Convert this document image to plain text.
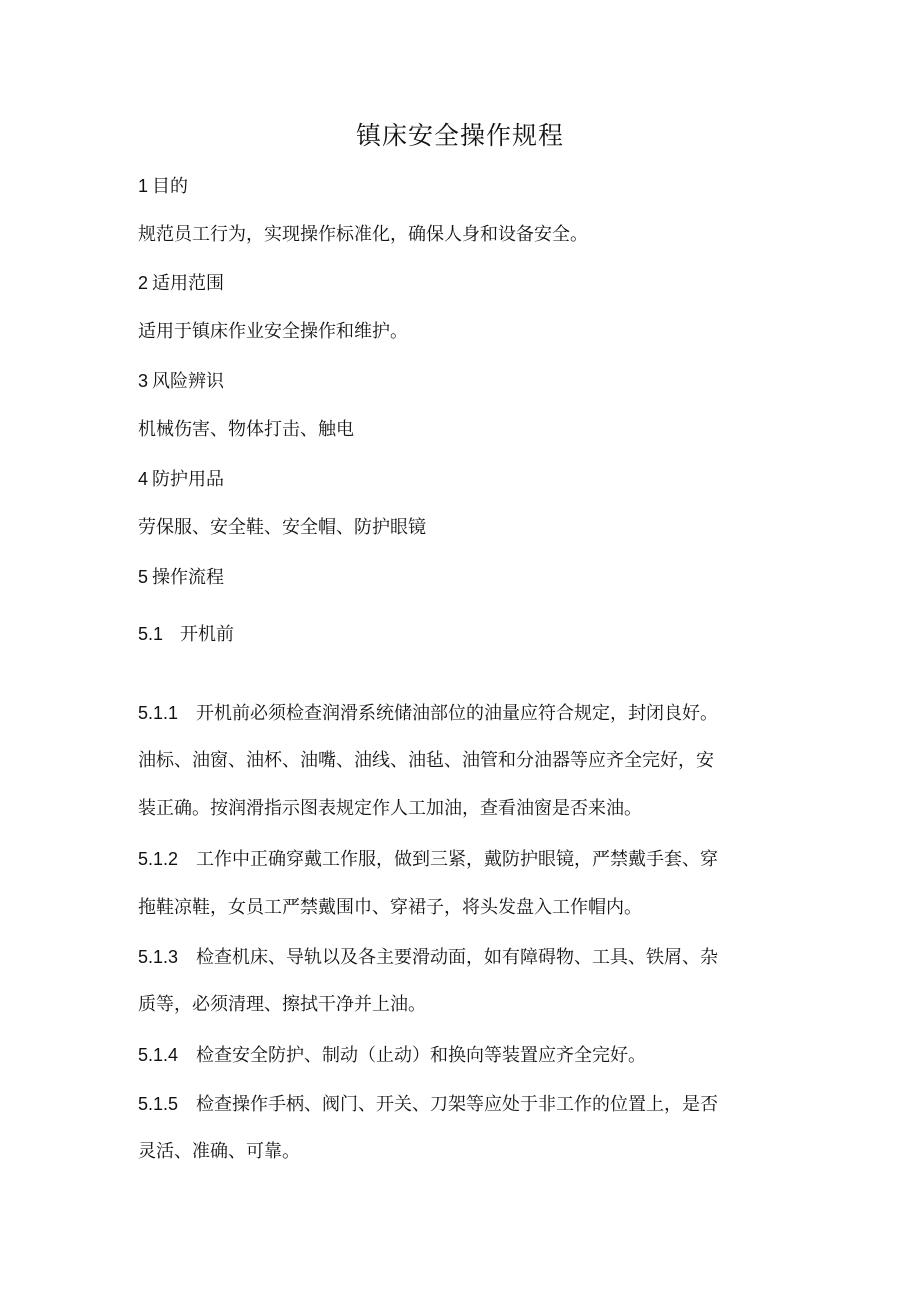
镇床安全操作规程
1 目的
规范员工行为，实现操作标准化，确保人身和设备安全。
2 适用范围
适用于镇床作业安全操作和维护。
3 风险辨识
机械伤害、物体打击、触电
4 防护用品
劳保服、安全鞋、安全帽、防护眼镜
5 操作流程
5.1 开机前
5.1.1 开机前必须检查润滑系统储油部位的油量应符合规定，封闭良好。
油标、油窗、油杯、油嘴、油线、油毡、油管和分油器等应齐全完好，安
装正确。按润滑指示图表规定作人工加油，查看油窗是否来油。
5.1.2 工作中正确穿戴工作服，做到三紧，戴防护眼镜，严禁戴手套、穿
拖鞋凉鞋，女员工严禁戴围巾、穿裙子，将头发盘入工作帽内。
5.1.3 检查机床、导轨以及各主要滑动面，如有障碍物、工具、铁屑、杂
质等，必须清理、擦拭干净并上油。
5.1.4 检查安全防护、制动（止动）和换向等装置应齐全完好。
5.1.5 检查操作手柄、阀门、开关、刀架等应处于非工作的位置上，是否
灵活、准确、可靠。
